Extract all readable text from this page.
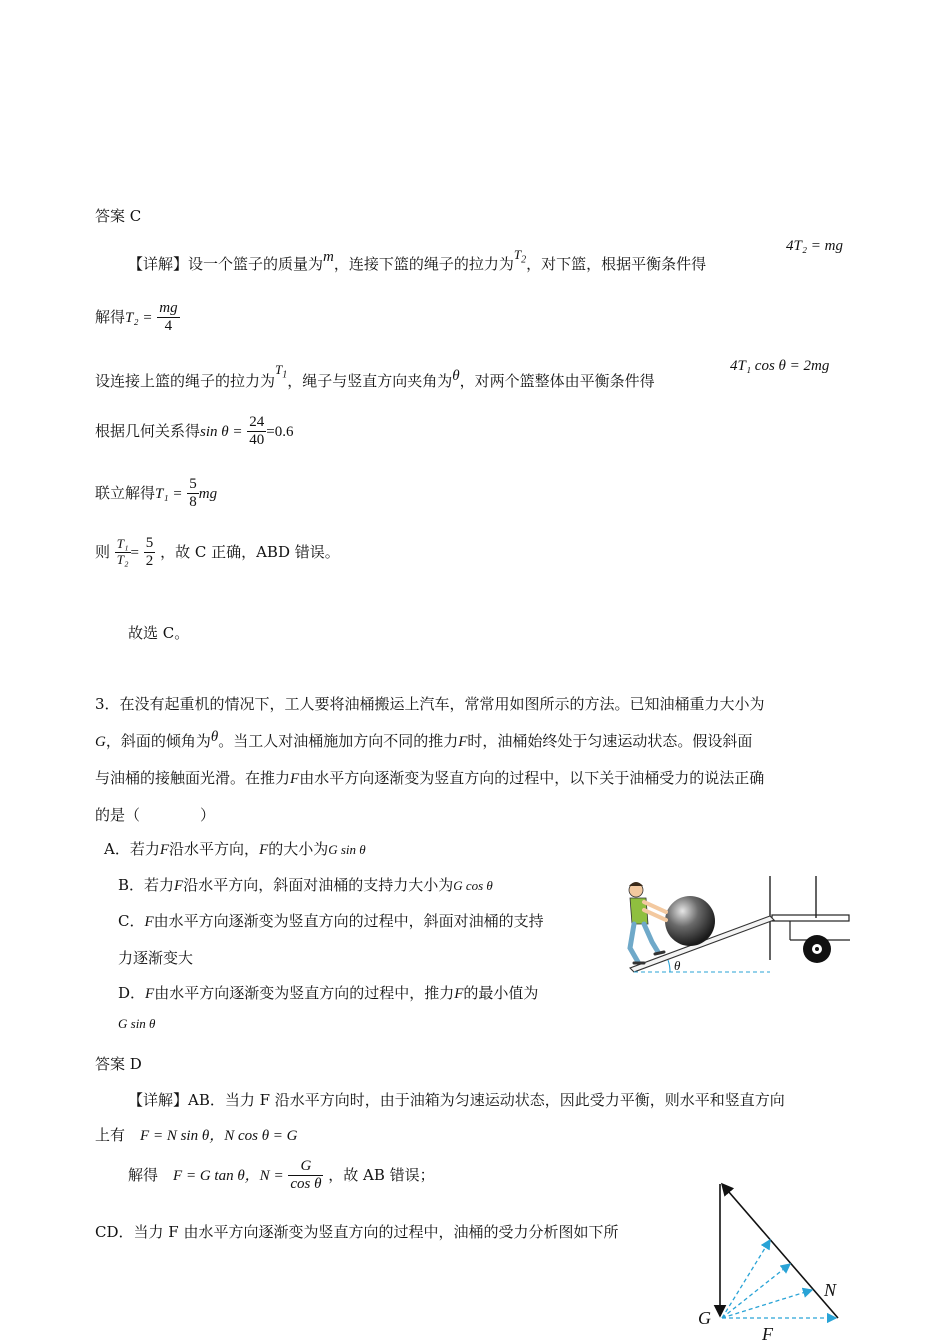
答案 C
【详解】设一个篮子的质量为m，连接下篮的绳子的拉力为$T_2$，对下篮，根据平衡条件得
4T₂ = mg
解得$T_2 = \frac{mg}{4}$
设连接上篮的绳子的拉力为$T_1$，绳子与竖直方向夹角为θ，对两个篮整体由平衡条件得
4T₁ cos θ = 2mg
根据几何关系得$\sin \theta = \frac{24}{40} =0.6$
联立解得$T_1 = \frac{5}{8}$ mg
则 $\frac{\text{T₁}}{\text{T₂}} = \frac{5}{2}$ ，故 C 正确，ABD 错误。
故选 C。
3．在没有起重机的情况下，工人要将油桶搬运上汽车，常常用如图所示的方法。已知油桶重力大小为
G，斜面的倾角为θ。当工人对油桶施加方向不同的推力F时，油桶始终处于匀速运动状态。假设斜面
与油桶的接触面光滑。在推力F由水平方向逐渐变为竖直方向的过程中，以下关于油桶受力的说法正确
的是（　　　　）
A．若力F沿水平方向，F的大小为G sin θ
B．若力F沿水平方向，斜面对油桶的支持力大小为G cos θ
C．F由水平方向逐渐变为竖直方向的过程中，斜面对油桶的支持
力逐渐变大
D．F由水平方向逐渐变为竖直方向的过程中，推力F的最小值为
G sin θ
θ
答案 D
【详解】AB．当力 F 沿水平方向时，由于油箱为匀速运动状态，因此受力平衡，则水平和竖直方向
上有　 F = N sin θ，N cos θ = G
解得　 F = G tan θ，$N = \frac{G}{\text{cos θ}}$ ，故 AB 错误；
CD．当力 F 由水平方向逐渐变为竖直方向的过程中，油桶的受力分析图如下所
G
N
F
